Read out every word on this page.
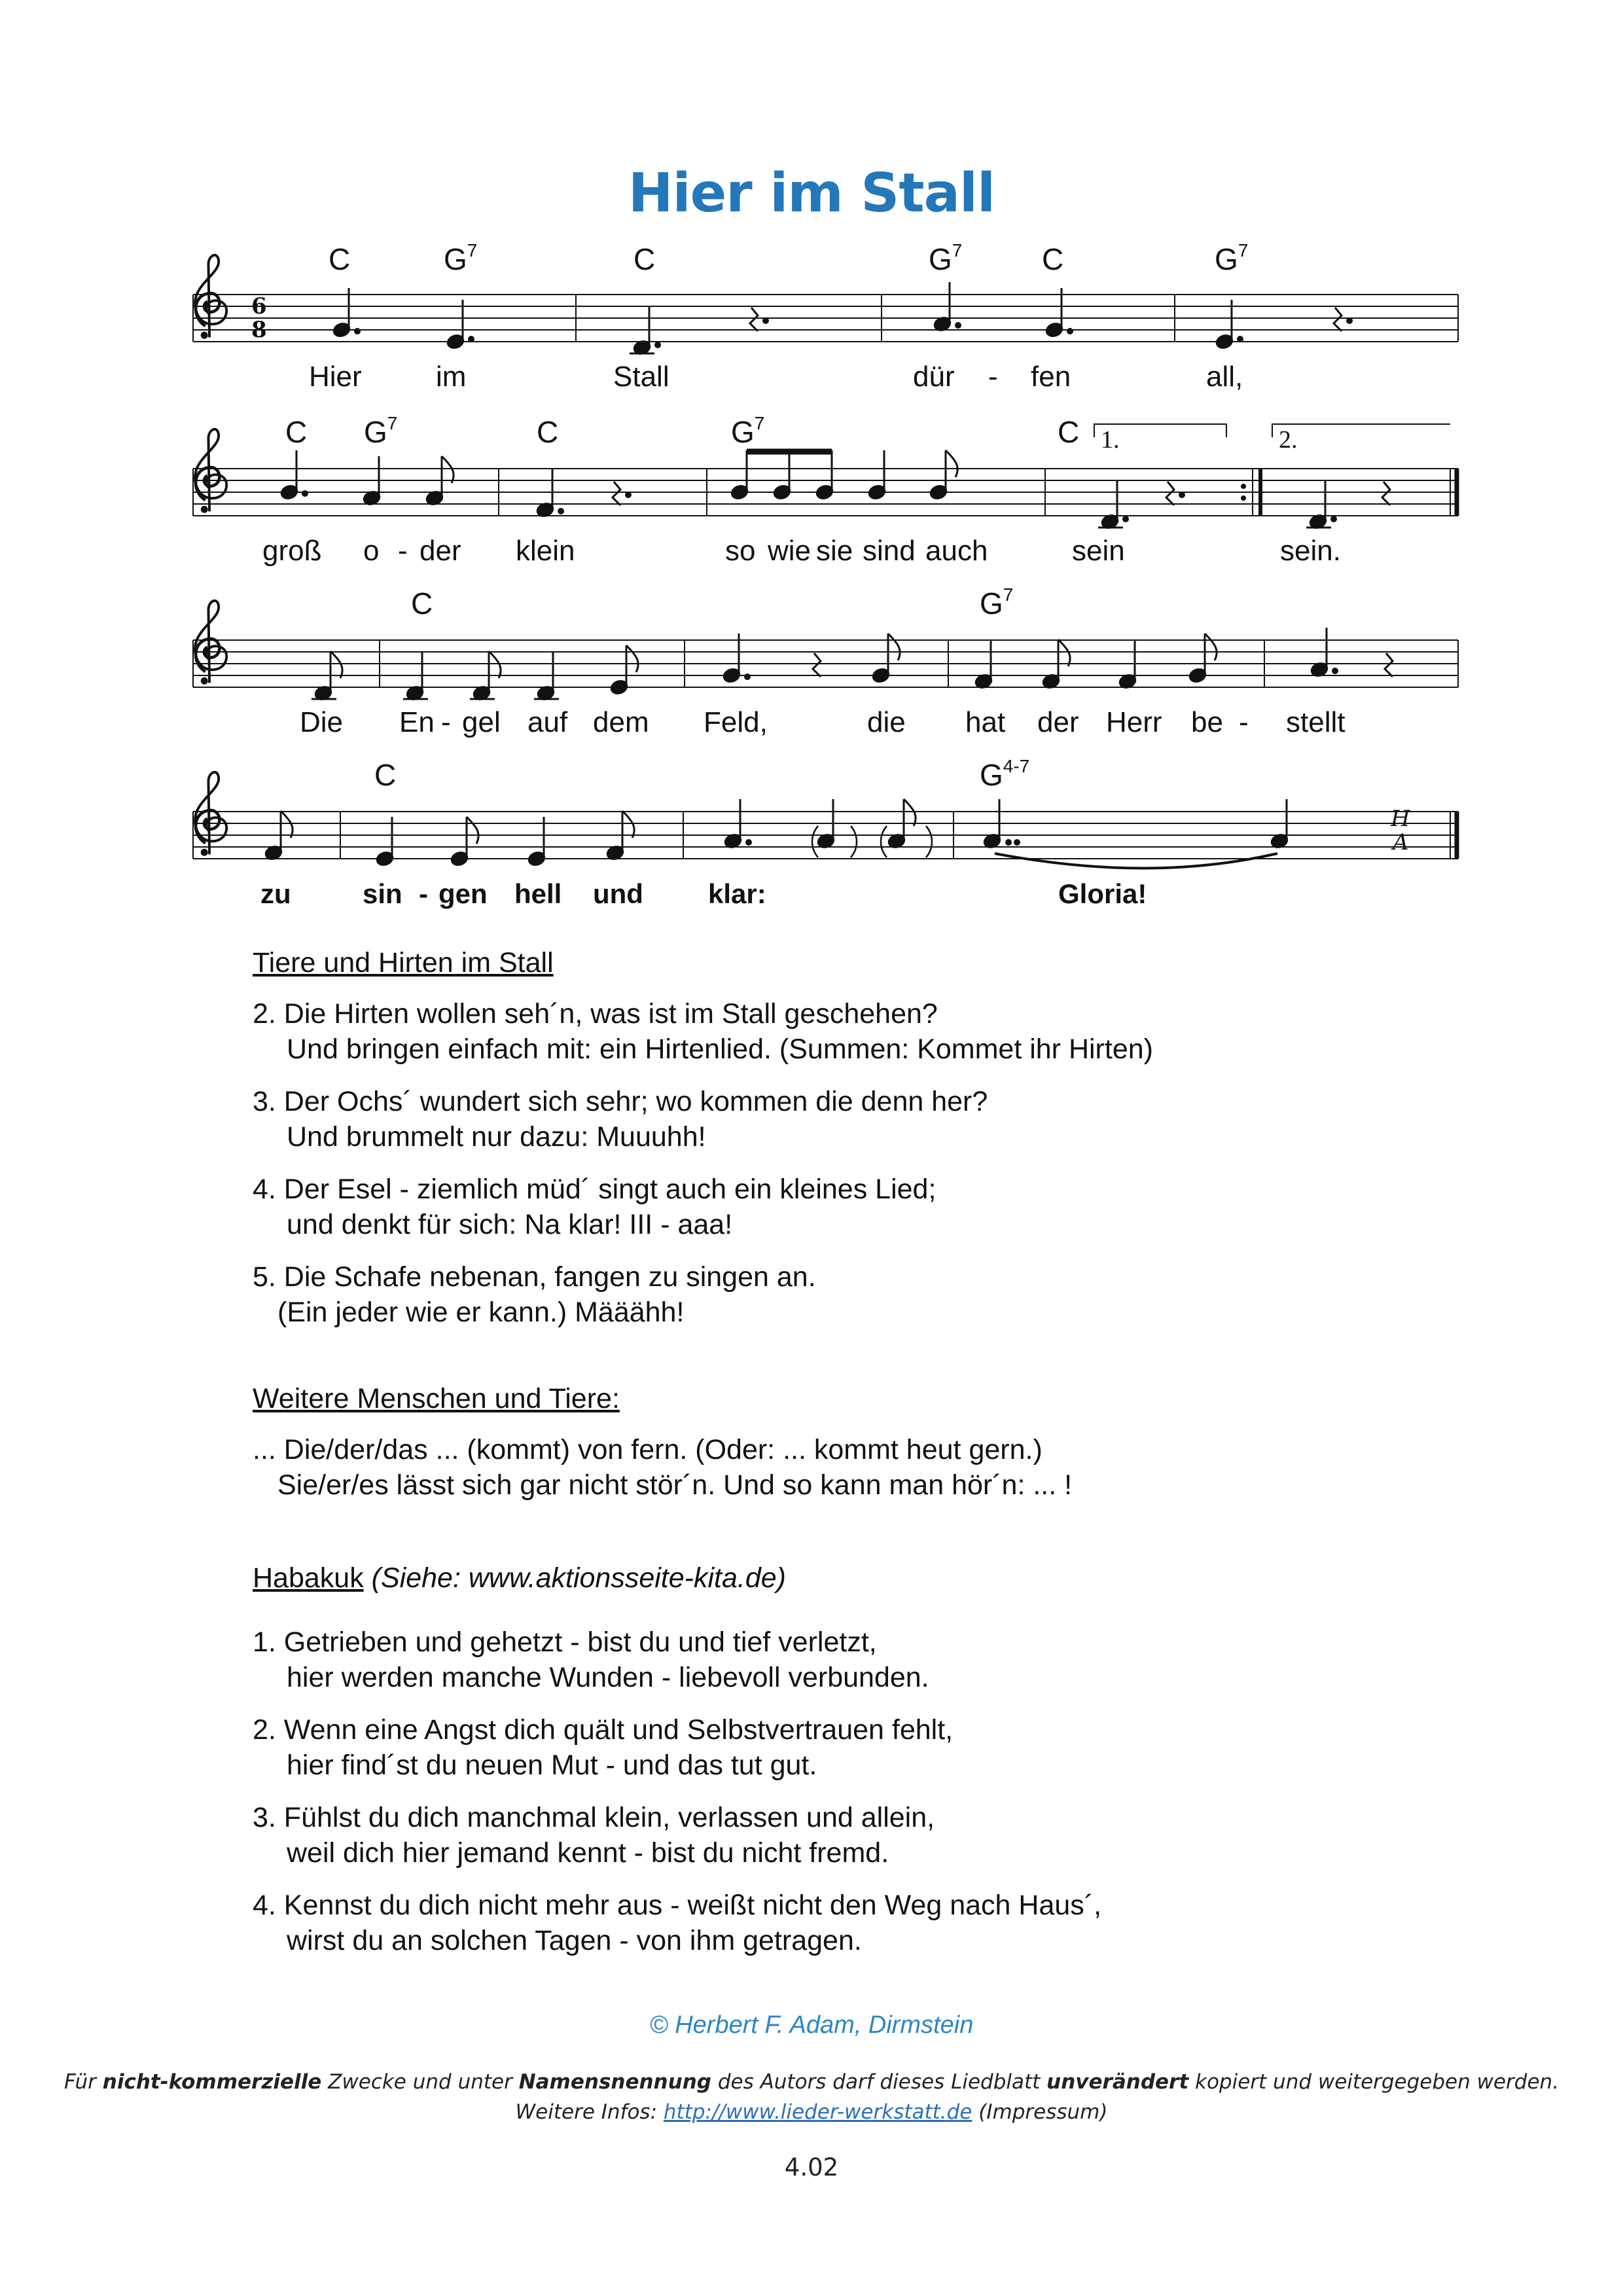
Hier im Stall
6
8
C	$G^7$	C	$G^7$	C	$G^7$
Hier	im	Stall	dür - fen	all,
1.	2.
C $G^7$	C	$G^7$	C
groß o - der klein	so wie sie sind auch	sein	sein.
C	$G^7$
Die En - gel auf dem Feld,	die hat der Herr be - stellt
H
A
C	$G^{4-7}$
zu	sin - gen hell und klar:	Gloria!

Tiere und Hirten im Stall

2. Die Hirten wollen seh´n, was ist im Stall geschehen?

Und bringen einfach mit: ein Hirtenlied. (Summen: Kommet ihr Hirten)

3. Der Ochs´ wundert sich sehr; wo kommen die denn her?

Und brummelt nur dazu: Muuuhh!

4. Der Esel - ziemlich müd´ singt auch ein kleines Lied;

und denkt für sich: Na klar! III - aaa!

5. Die Schafe nebenan, fangen zu singen an.

(Ein jeder wie er kann.) Määähh!

Weitere Menschen und Tiere:

... Die/der/das ... (kommt) von fern. (Oder: ... kommt heut gern.)

Sie/er/es lässt sich gar nicht stör´n. Und so kann man hör´n: ... !

Habakuk (Siehe: www.aktionsseite-kita.de)

1. Getrieben und gehetzt - bist du und tief verletzt,

hier werden manche Wunden - liebevoll verbunden.

2. Wenn eine Angst dich quält und Selbstvertrauen fehlt,

hier find´st du neuen Mut - und das tut gut.

3. Fühlst du dich manchmal klein, verlassen und allein,

weil dich hier jemand kennt - bist du nicht fremd.

4. Kennst du dich nicht mehr aus - weißt nicht den Weg nach Haus´,

wirst du an solchen Tagen - von ihm getragen.

© Herbert F. Adam, Dirmstein
Für nicht-kommerzielle Zwecke und unter Namensnennung des Autors darf dieses Liedblatt unverändert kopiert und weitergegeben werden.
Weitere Infos: http://www.lieder-werkstatt.de (Impressum)
4.02
